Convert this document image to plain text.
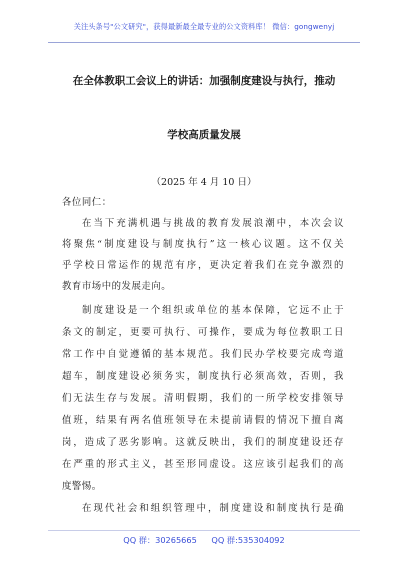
关注头条号"公文研究"，获得最新最全最专业的公文资料库！ 微信：gongwenyj
在全体教职工会议上的讲话：加强制度建设与执行，推动
学校高质量发展
（2025 年 4 月 10 日）
各位同仁：
在当下充满机遇与挑战的教育发展浪潮中，本次会议
将聚焦“制度建设与制度执行”这一核心议题。这不仅关
乎学校日常运作的规范有序，更决定着我们在竞争激烈的
教育市场中的发展走向。
制度建设是一个组织或单位的基本保障，它远不止于
条文的制定，更要可执行、可操作，要成为每位教职工日
常工作中自觉遵循的基本规范。我们民办学校要完成弯道
超车，制度建设必须务实，制度执行必须高效，否则，我
们无法生存与发展。清明假期，我们的一所学校安排领导
值班，结果有两名值班领导在未提前请假的情况下擅自离
岗，造成了恶劣影响。这就反映出，我们的制度建设还存
在严重的形式主义，甚至形同虚设。这应该引起我们的高
度警惕。
在现代社会和组织管理中，制度建设和制度执行是确
QQ 群：30265665 QQ 群:535304092
